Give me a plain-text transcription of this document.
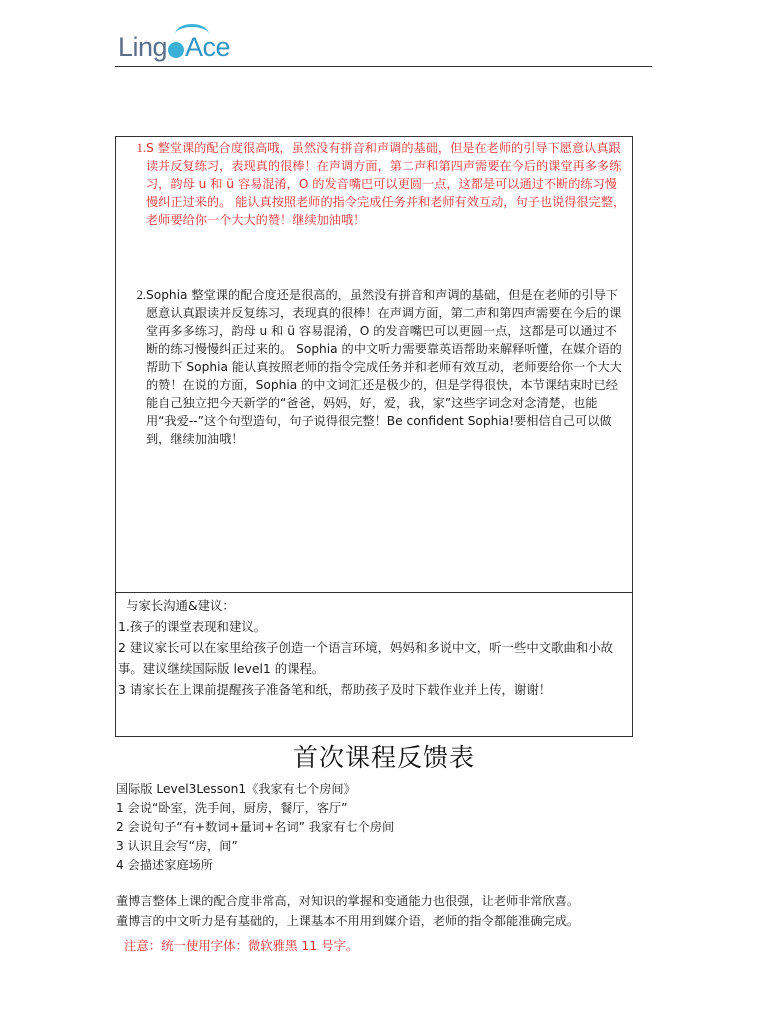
Ling Ace
1. S 整堂课的配合度很高哦，虽然没有拼音和声调的基础，但是在老师的引导下愿意认真跟读并反复练习，表现真的很棒！在声调方面，第二声和第四声需要在今后的课堂再多多练习，韵母 u 和 ü 容易混淆，O 的发音嘴巴可以更圆一点，这都是可以通过不断的练习慢慢纠正过来的。 能认真按照老师的指令完成任务并和老师有效互动，句子也说得很完整，老师要给你一个大大的赞！继续加油哦！
2. Sophia 整堂课的配合度还是很高的，虽然没有拼音和声调的基础，但是在老师的引导下愿意认真跟读并反复练习，表现真的很棒！在声调方面，第二声和第四声需要在今后的课堂再多多练习，韵母 u 和 ü 容易混淆，O 的发音嘴巴可以更圆一点，这都是可以通过不断的练习慢慢纠正过来的。 Sophia 的中文听力需要靠英语帮助来解释听懂，在媒介语的帮助下 Sophia 能认真按照老师的指令完成任务并和老师有效互动，老师要给你一个大大的赞！在说的方面，Sophia 的中文词汇还是极少的，但是学得很快，本节课结束时已经能自己独立把今天新学的“爸爸，妈妈，好，爱，我，家”这些字词念对念清楚，也能用“我爱--”这个句型造句，句子说得很完整！Be confident Sophia!要相信自己可以做到，继续加油哦！
与家长沟通&建议：
1.孩子的课堂表现和建议。
2 建议家长可以在家里给孩子创造一个语言环境，妈妈和多说中文，听一些中文歌曲和小故事。建议继续国际版 level1 的课程。
3 请家长在上课前提醒孩子准备笔和纸，帮助孩子及时下载作业并上传，谢谢！
首次课程反馈表
国际版 Level3Lesson1《我家有七个房间》
1 会说“卧室，洗手间，厨房，餐厅，客厅”
2 会说句子“有+数词+量词+名词” 我家有七个房间
3 认识且会写“房，间”
4 会描述家庭场所
董博言整体上课的配合度非常高，对知识的掌握和变通能力也很强，让老师非常欣喜。
董博言的中文听力是有基础的，上课基本不用用到媒介语，老师的指令都能准确完成。
注意：统一使用字体：微软雅黑 11 号字。
